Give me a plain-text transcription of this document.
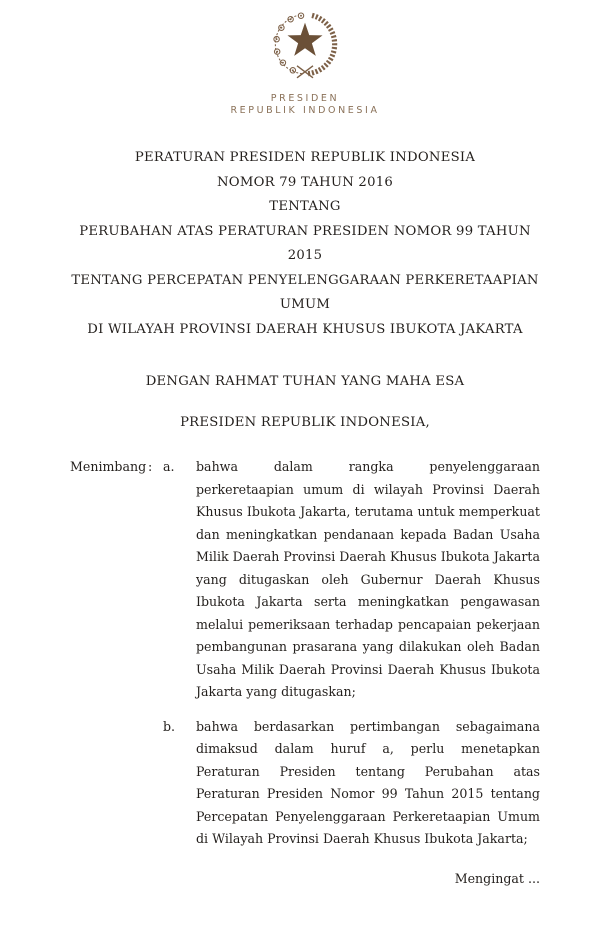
PRESIDEN
REPUBLIK INDONESIA
PERATURAN PRESIDEN REPUBLIK INDONESIA
NOMOR 79 TAHUN 2016
TENTANG
PERUBAHAN ATAS PERATURAN PRESIDEN NOMOR 99 TAHUN 2015
TENTANG PERCEPATAN PENYELENGGARAAN PERKERETAAPIAN UMUM
DI WILAYAH PROVINSI DAERAH KHUSUS IBUKOTA JAKARTA
DENGAN RAHMAT TUHAN YANG MAHA ESA
PRESIDEN REPUBLIK INDONESIA,
Menimbang : a.	bahwa dalam rangka penyelenggaraan perkeretaapian umum di wilayah Provinsi Daerah Khusus Ibukota Jakarta, terutama untuk memperkuat dan meningkatkan pendanaan kepada Badan Usaha Milik Daerah Provinsi Daerah Khusus Ibukota Jakarta yang ditugaskan oleh Gubernur Daerah Khusus Ibukota Jakarta serta meningkatkan pengawasan melalui pemeriksaan terhadap pencapaian pekerjaan pembangunan prasarana yang dilakukan oleh Badan Usaha Milik Daerah Provinsi Daerah Khusus Ibukota Jakarta yang ditugaskan;

b.	bahwa berdasarkan pertimbangan sebagaimana dimaksud dalam huruf a, perlu menetapkan Peraturan Presiden tentang Perubahan atas Peraturan Presiden Nomor 99 Tahun 2015 tentang Percepatan Penyelenggaraan Perkeretaapian Umum di Wilayah Provinsi Daerah Khusus Ibukota Jakarta;

Mengingat ...
